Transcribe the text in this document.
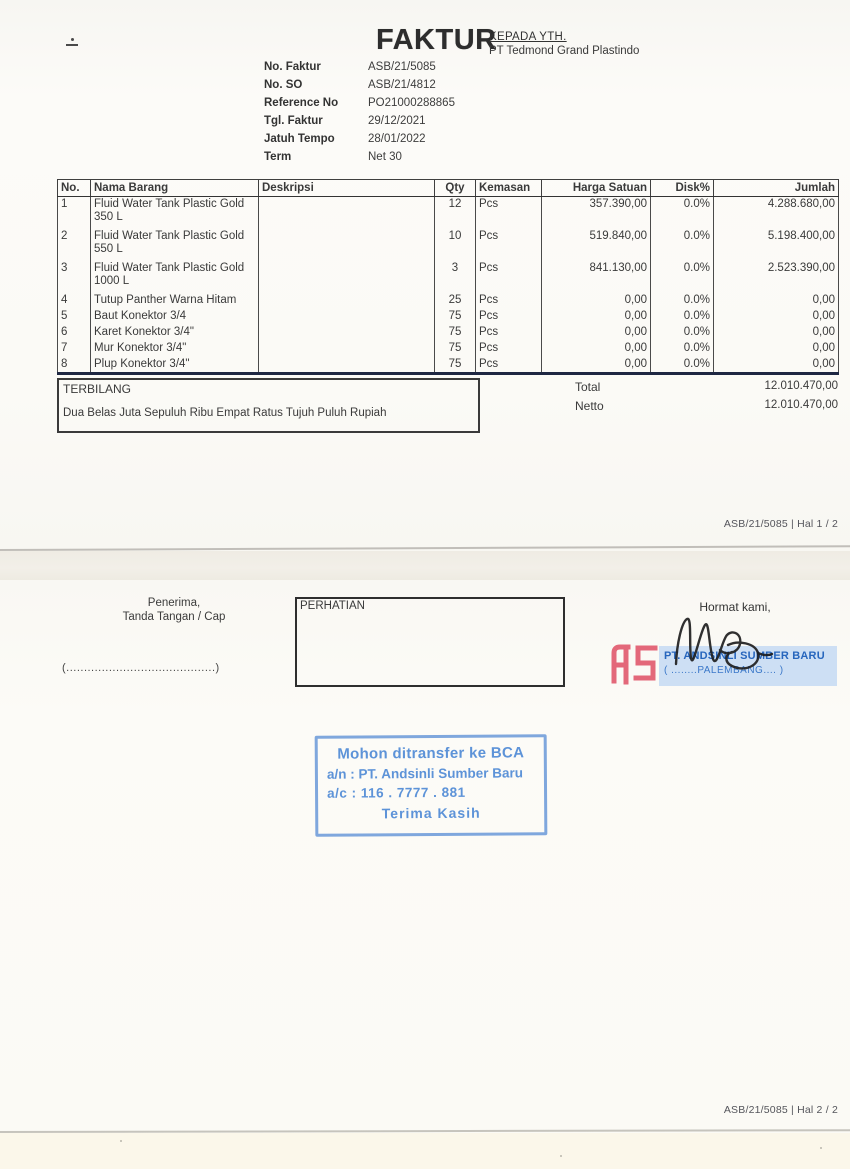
FAKTUR
KEPADA YTH.
PT Tedmond Grand Plastindo
No. Faktur	ASB/21/5085
No. SO	ASB/21/4812
Reference No	PO21000288865
Tgl. Faktur	29/12/2021
Jatuh Tempo	28/01/2022
Term	Net 30
No.	Nama Barang	Deskripsi	Qty	Kemasan	Harga Satuan	Disk%	Jumlah
1	Fluid Water Tank Plastic Gold 350 L		12	Pcs	357.390,00	0.0%	4.288.680,00
2	Fluid Water Tank Plastic Gold 550 L		10	Pcs	519.840,00	0.0%	5.198.400,00
3	Fluid Water Tank Plastic Gold 1000 L		3	Pcs	841.130,00	0.0%	2.523.390,00
4	Tutup Panther Warna Hitam		25	Pcs	0,00	0.0%	0,00
5	Baut Konektor 3/4		75	Pcs	0,00	0.0%	0,00
6	Karet Konektor 3/4"		75	Pcs	0,00	0.0%	0,00
7	Mur Konektor 3/4"		75	Pcs	0,00	0.0%	0,00
8	Plup Konektor 3/4"		75	Pcs	0,00	0.0%	0,00
TERBILANG
Dua Belas Juta Sepuluh Ribu Empat Ratus Tujuh Puluh Rupiah
Total	12.010.470,00
Netto	12.010.470,00
ASB/21/5085 | Hal 1 / 2
Penerima,
Tanda Tangan / Cap
(..........................................)
PERHATIAN	Hormat kami,
PT. ANDSINLI SUMBER BARU
( ........PALEMBANG.... )
Mohon ditransfer ke BCA
a/n : PT. Andsinli Sumber Baru
a/c : 116 . 7777 . 881
Terima Kasih
ASB/21/5085 | Hal 2 / 2
